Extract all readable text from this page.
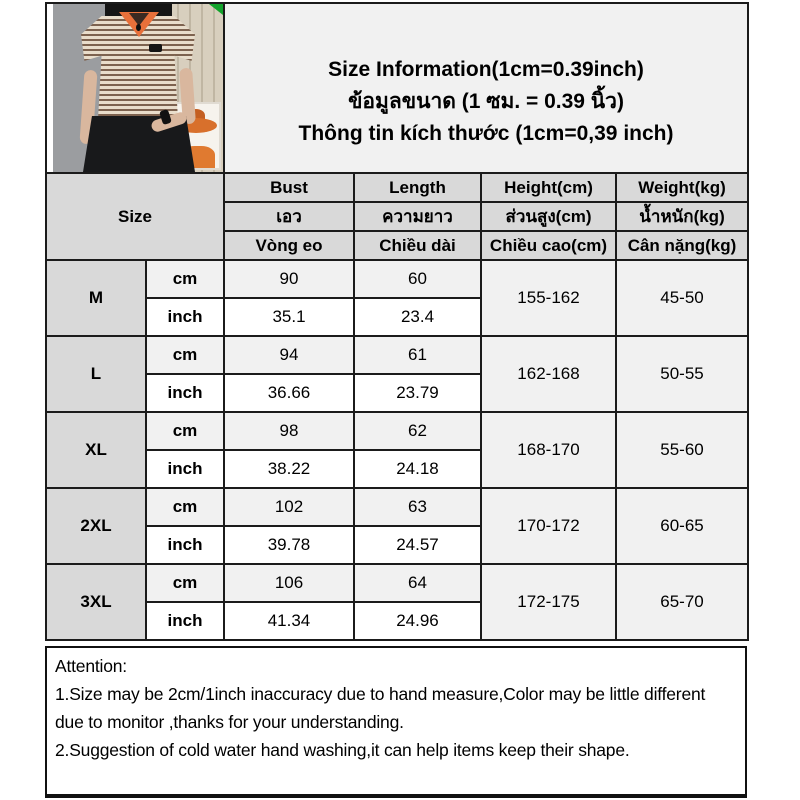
		Size Information(1cm=0.39inch)
ข้อมูลขนาด (1 ซม. = 0.39 นิ้ว)
Thông tin kích thước (1cm=0,39 inch)			

Size		Bust	Length	Height(cm)	Weight(kg)
		เอว	ความยาว	ส่วนสูง(cm)	น้ำหนัก(kg)
		Vòng eo	Chiều dài	Chiều cao(cm)	Cân nặng(kg)
M	cm	90	60	155-162	45-50
	inch	35.1	23.4		
L	cm	94	61	162-168	50-55
	inch	36.66	23.79		
XL	cm	98	62	168-170	55-60
	inch	38.22	24.18		
2XL	cm	102	63	170-172	60-65
	inch	39.78	24.57		
3XL	cm	106	64	172-175	65-70
	inch	41.34	24.96		
Attention:
1.Size may be 2cm/1inch inaccuracy due to hand measure,Color may be little different due to monitor ,thanks for your understanding.
2.Suggestion of cold water hand washing,it can help items keep their shape.
